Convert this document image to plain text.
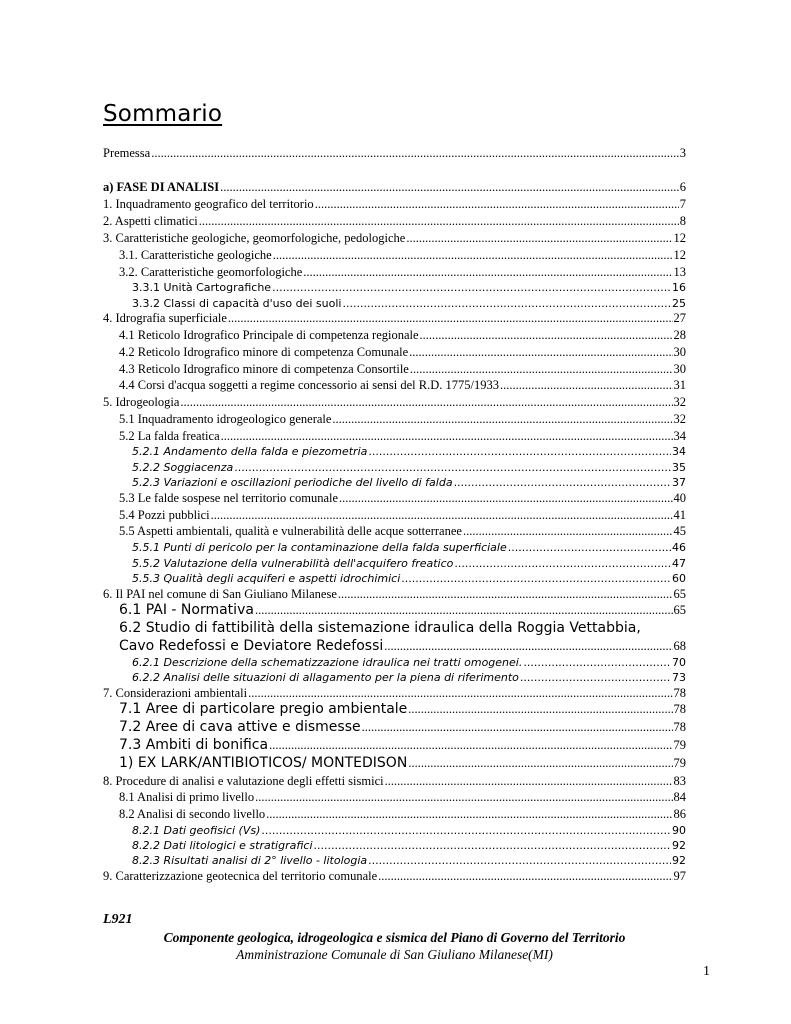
Sommario
Premessa .....	3
a) FASE DI ANALISI .....	6
1. Inquadramento geografico del territorio .....	7
2. Aspetti climatici .....	8
3. Caratteristiche geologiche, geomorfologiche, pedologiche .....	12
3.1. Caratteristiche geologiche .....	12
3.2. Caratteristiche geomorfologiche .....	13
3.3.1 Unità Cartografiche .....	16
3.3.2 Classi di capacità d'uso dei suoli .....	25
4. Idrografia superficiale .....	27
4.1 Reticolo Idrografico Principale di competenza regionale .....	28
4.2 Reticolo Idrografico minore di competenza Comunale .....	30
4.3 Reticolo Idrografico minore di competenza Consortile .....	30
4.4 Corsi d'acqua soggetti a regime concessorio ai sensi del R.D. 1775/1933 .....	31
5. Idrogeologia .....	32
5.1 Inquadramento idrogeologico generale .....	32
5.2 La falda freatica .....	34
5.2.1 Andamento della falda e piezometria .....	34
5.2.2 Soggiacenza .....	35
5.2.3 Variazioni e oscillazioni periodiche del livello di falda .....	37
5.3 Le falde sospese nel territorio comunale .....	40
5.4 Pozzi pubblici .....	41
5.5 Aspetti ambientali, qualità e vulnerabilità delle acque sotterranee .....	45
5.5.1 Punti di pericolo per la contaminazione della falda superficiale .....	46
5.5.2 Valutazione della vulnerabilità dell'acquifero freatico .....	47
5.5.3 Qualità degli acquiferi e aspetti idrochimici .....	60
6. Il PAI nel comune di San Giuliano Milanese .....	65
6.1 PAI - Normativa .....	65
6.2 Studio di fattibilità della sistemazione idraulica della Roggia Vettabbia,
Cavo Redefossi e Deviatore Redefossi .....	68
6.2.1 Descrizione della schematizzazione idraulica nei tratti omogenei. .....	70
6.2.2 Analisi delle situazioni di allagamento per la piena di riferimento .....	73
7. Considerazioni ambientali .....	78
7.1 Aree di particolare pregio ambientale .....	78
7.2 Aree di cava attive e dismesse .....	78
7.3 Ambiti di bonifica .....	79
1) EX LARK/ANTIBIOTICOS/ MONTEDISON .....	79
8. Procedure di analisi e valutazione degli effetti sismici .....	83
8.1 Analisi di primo livello .....	84
8.2 Analisi di secondo livello .....	86
8.2.1 Dati geofisici (Vs) .....	90
8.2.2 Dati litologici e stratigrafici .....	92
8.2.3 Risultati analisi di 2° livello - litologia .....	92
9. Caratterizzazione geotecnica del territorio comunale .....	97
L921
Componente geologica, idrogeologica e sismica del Piano di Governo del Territorio
Amministrazione Comunale di San Giuliano Milanese(MI)
1
